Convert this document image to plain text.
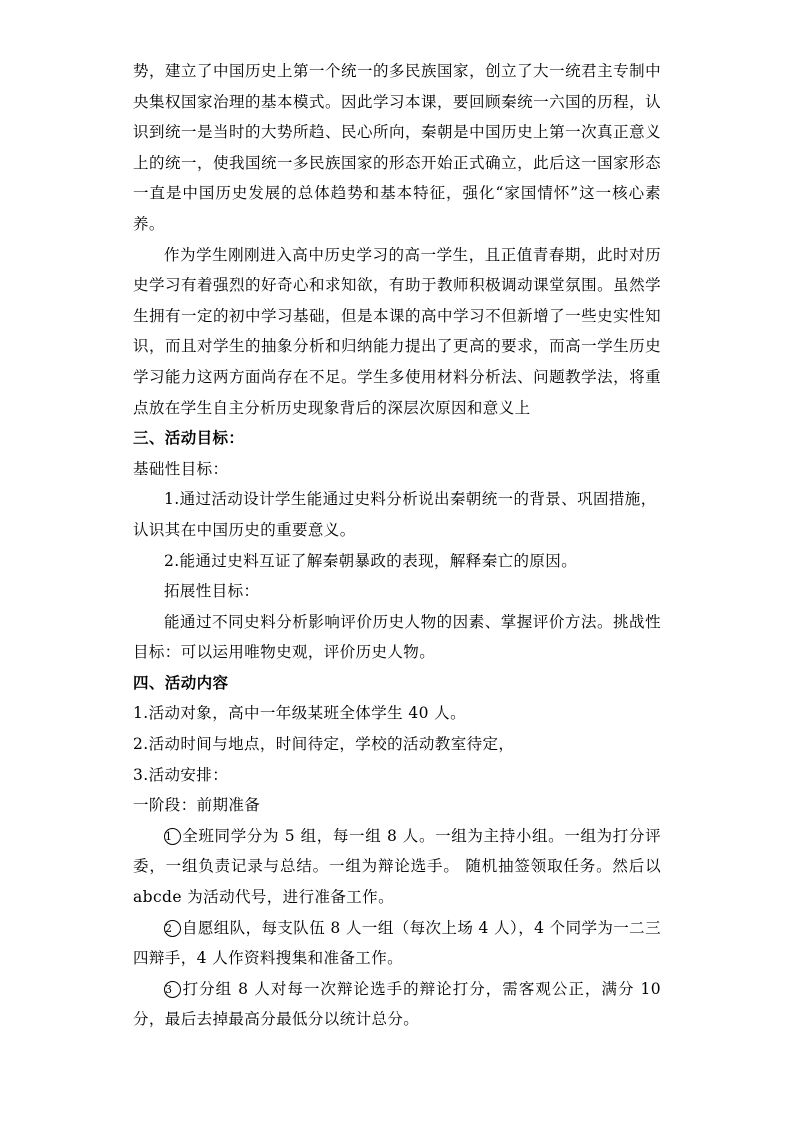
势，建立了中国历史上第一个统一的多民族国家，创立了大一统君主专制中央集权国家治理的基本模式。因此学习本课，要回顾秦统一六国的历程，认识到统一是当时的大势所趋、民心所向，秦朝是中国历史上第一次真正意义上的统一，使我国统一多民族国家的形态开始正式确立，此后这一国家形态一直是中国历史发展的总体趋势和基本特征，强化“家国情怀”这一核心素养。

作为学生刚刚进入高中历史学习的高一学生，且正值青春期，此时对历史学习有着强烈的好奇心和求知欲，有助于教师积极调动课堂氛围。虽然学生拥有一定的初中学习基础，但是本课的高中学习不但新增了一些史实性知识，而且对学生的抽象分析和归纳能力提出了更高的要求，而高一学生历史学习能力这两方面尚存在不足。学生多使用材料分析法、问题教学法，将重点放在学生自主分析历史现象背后的深层次原因和意义上

三、活动目标：

基础性目标：

1.通过活动设计学生能通过史料分析说出秦朝统一的背景、巩固措施，

认识其在中国历史的重要意义。

2.能通过史料互证了解秦朝暴政的表现，解释秦亡的原因。

拓展性目标：

能通过不同史料分析影响评价历史人物的因素、掌握评价方法。挑战性目标：可以运用唯物史观，评价历史人物。

四、活动内容

1.活动对象，高中一年级某班全体学生 40 人。

2.活动时间与地点，时间待定，学校的活动教室待定，

3.活动安排：

一阶段：前期准备

1 全班同学分为 5 组，每一组 8 人。一组为主持小组。一组为打分评委，一组负责记录与总结。一组为辩论选手。 随机抽签领取任务。然后以 abcde 为活动代号，进行准备工作。

2 自愿组队，每支队伍 8 人一组（每次上场 4 人），4 个同学为一二三四辩手，4 人作资料搜集和准备工作。

3 打分组 8 人对每一次辩论选手的辩论打分，需客观公正，满分 10 分，最后去掉最高分最低分以统计总分。
